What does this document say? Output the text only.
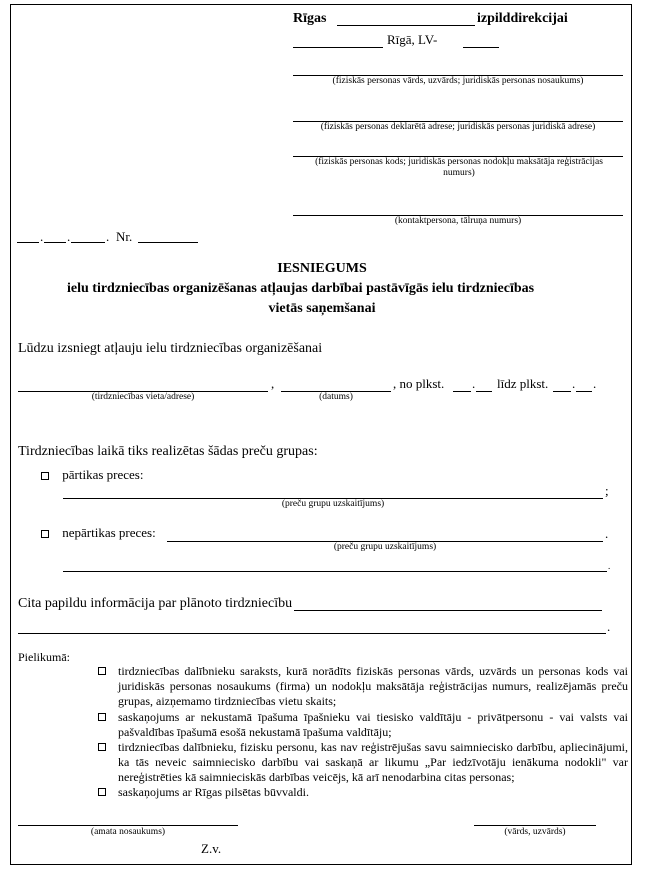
Rīgas	izpilddirekcijai
Rīgā, LV-
(fiziskās personas vārds, uzvārds; juridiskās personas nosaukums)
(fiziskās personas deklarētā adrese; juridiskās personas juridiskā adrese)
(fiziskās personas kods; juridiskās personas nodokļu maksātāja reģistrācijas numurs)
(kontaktpersona, tālruņa numurs)
. .	. Nr.
IESNIEGUMS
ielu tirdzniecības organizēšanas atļaujas darbībai pastāvīgās ielu tirdzniecības
vietās saņemšanai
Lūdzu izsniegt atļauju ielu tirdzniecības organizēšanai
(tirdzniecības vieta/adrese)
,
(datums)
, no plkst. . līdz plkst. . .
Tirdzniecības laikā tiks realizētas šādas preču grupas:
pārtikas preces:
;
(preču grupu uzskaitījums)
nepārtikas preces:	.
(preču grupu uzskaitījums)
.
Cita papildu informācija par plānoto tirdzniecību
.
Pielikumā:
tirdzniecības dalībnieku saraksts, kurā norādīts fiziskās personas vārds, uzvārds un personas kods vai juridiskās personas nosaukums (firma) un nodokļu maksātāja reģistrācijas numurs, realizējamās preču grupas, aizņemamo tirdzniecības vietu skaits;
saskaņojums ar nekustamā īpašuma īpašnieku vai tiesisko valdītāju - privātpersonu - vai valsts vai pašvaldības īpašumā esošā nekustamā īpašuma valdītāju;
tirdzniecības dalībnieku, fizisku personu, kas nav reģistrējušas savu saimniecisko darbību, apliecinājumi, ka tās neveic saimniecisko darbību vai saskaņā ar likumu „Par iedzīvotāju ienākuma nodokli" var nereģistrēties kā saimnieciskās darbības veicējs, kā arī nenodarbina citas personas;
saskaņojums ar Rīgas pilsētas būvvaldi.
(amata nosaukums)	(vārds, uzvārds)
Z.v.
